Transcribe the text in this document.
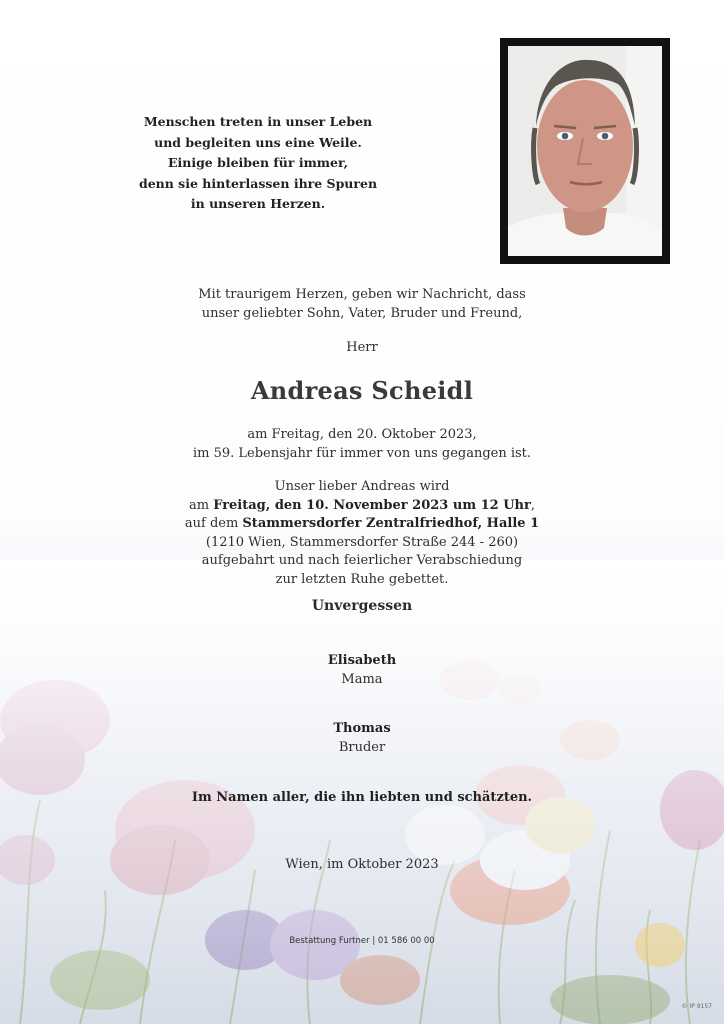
Menschen treten in unser Leben
und begleiten uns eine Weile.
Einige bleiben für immer,
denn sie hinterlassen ihre Spuren
in unseren Herzen.
Mit traurigem Herzen, geben wir Nachricht, dass
unser geliebter Sohn, Vater, Bruder und Freund,
Herr
Andreas Scheidl
am Freitag, den 20. Oktober 2023,
im 59. Lebensjahr für immer von uns gegangen ist.
Unser lieber Andreas wird
am Freitag, den 10. November 2023 um 12 Uhr,
auf dem Stammersdorfer Zentralfriedhof, Halle 1
(1210 Wien, Stammersdorfer Straße 244 - 260)
aufgebahrt und nach feierlicher Verabschiedung
zur letzten Ruhe gebettet.
Unvergessen
Elisabeth
Mama
Thomas
Bruder
Im Namen aller, die ihn liebten und schätzten.
Wien, im Oktober 2023
Bestattung Furtner | 01 586 00 00
© IP 9157
